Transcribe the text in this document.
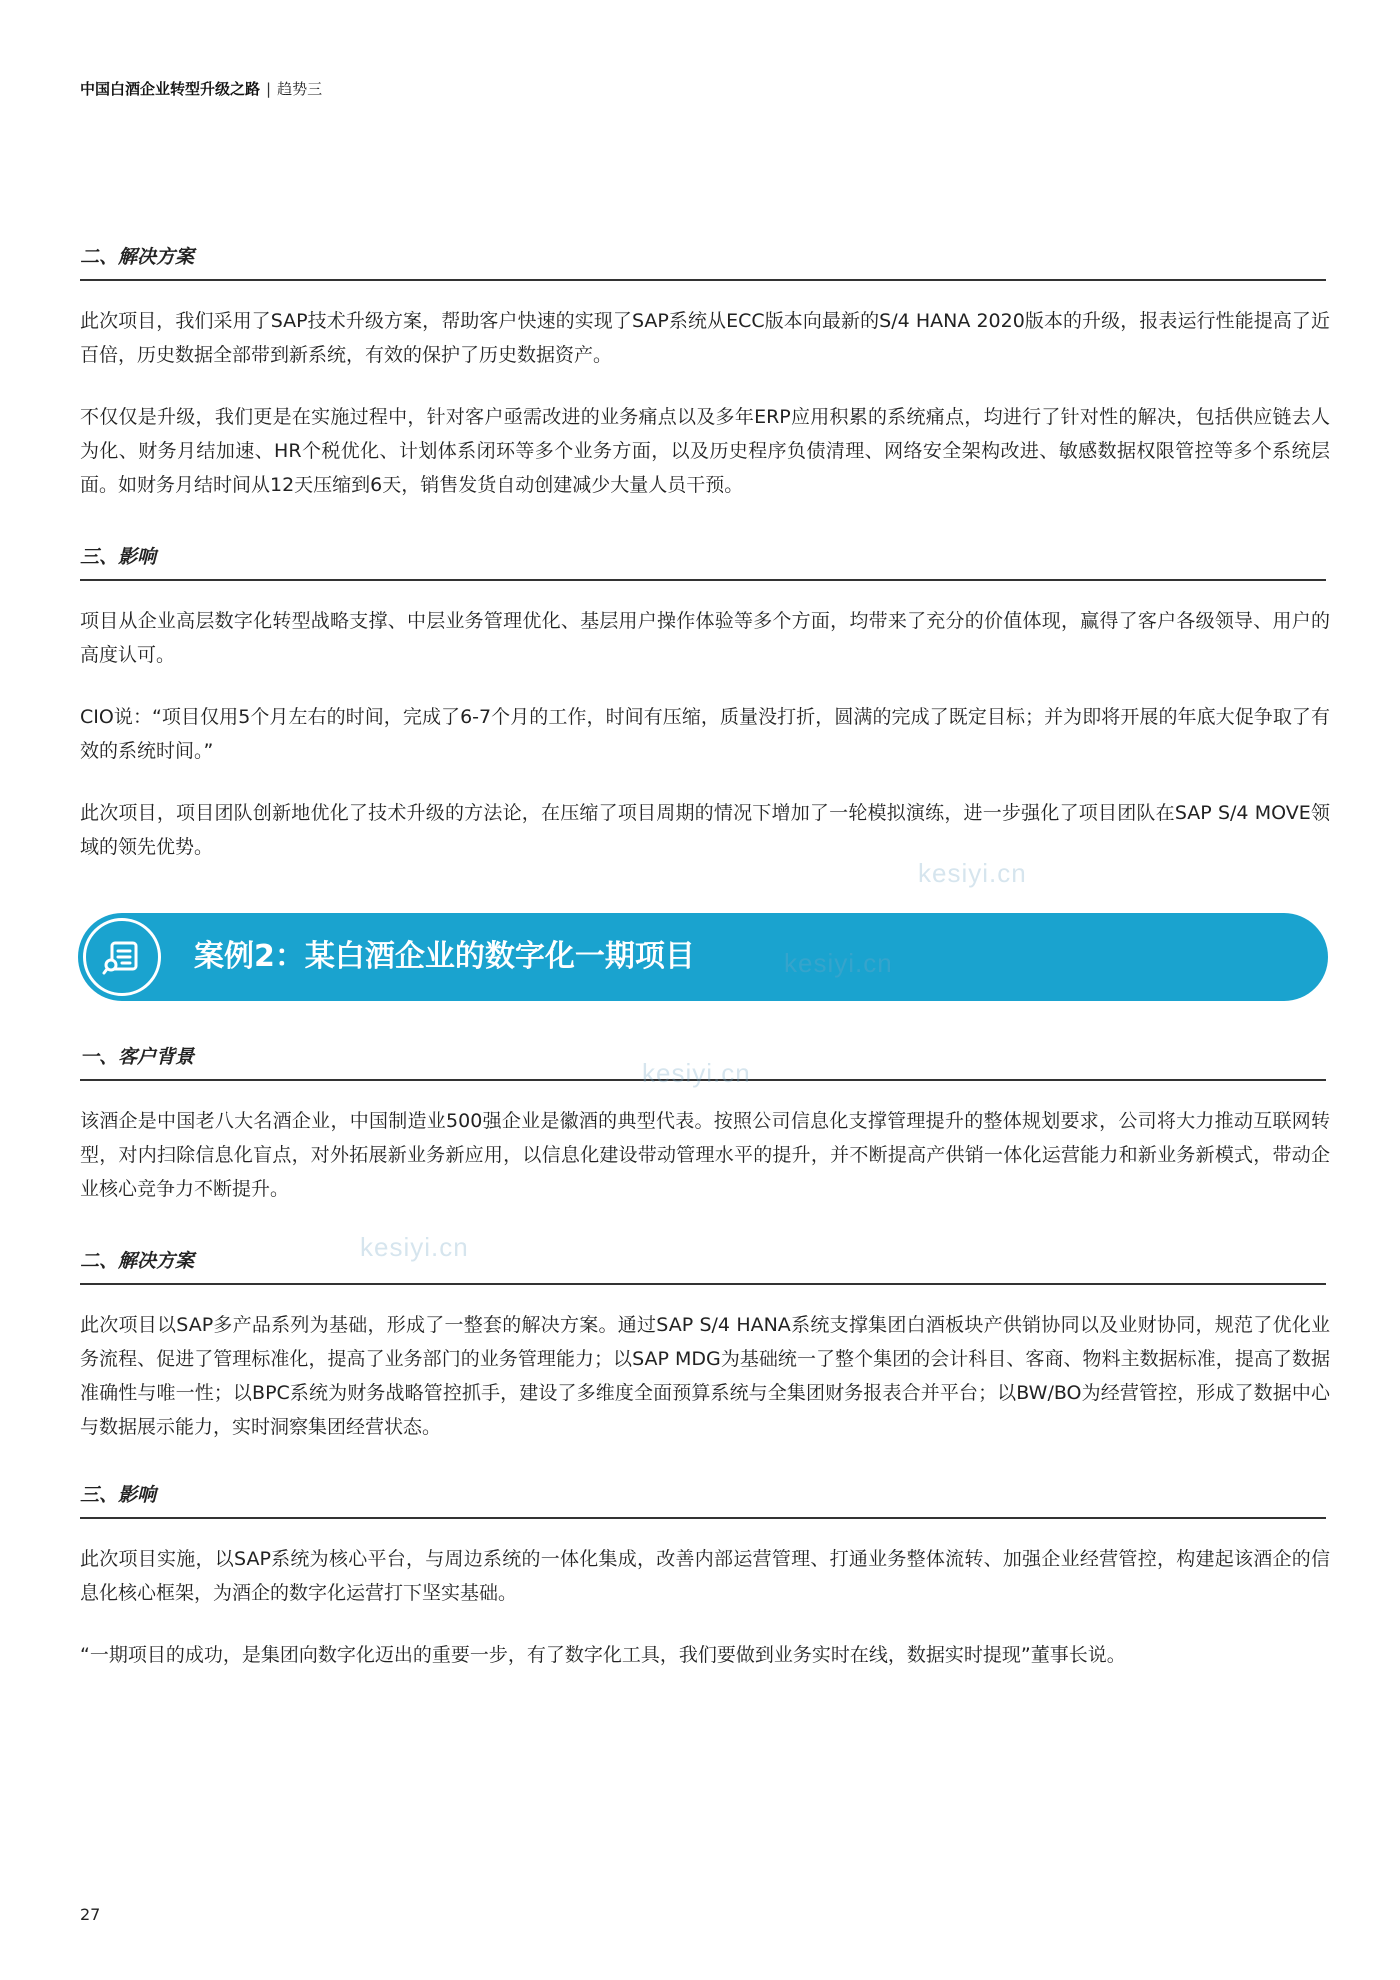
中国白酒企业转型升级之路 | 趋势三
二、解决方案

此次项目，我们采用了SAP技术升级方案，帮助客户快速的实现了SAP系统从ECC版本向最新的S/4 HANA 2020版本的升级，报表运行性能提高了近百倍，历史数据全部带到新系统，有效的保护了历史数据资产。

不仅仅是升级，我们更是在实施过程中，针对客户亟需改进的业务痛点以及多年ERP应用积累的系统痛点，均进行了针对性的解决，包括供应链去人为化、财务月结加速、HR个税优化、计划体系闭环等多个业务方面，以及历史程序负债清理、网络安全架构改进、敏感数据权限管控等多个系统层面。如财务月结时间从12天压缩到6天，销售发货自动创建减少大量人员干预。

三、影响

项目从企业高层数字化转型战略支撑、中层业务管理优化、基层用户操作体验等多个方面，均带来了充分的价值体现，赢得了客户各级领导、用户的高度认可。

CIO说：“项目仅用5个月左右的时间，完成了6-7个月的工作，时间有压缩，质量没打折，圆满的完成了既定目标；并为即将开展的年底大促争取了有效的系统时间。”

此次项目，项目团队创新地优化了技术升级的方法论，在压缩了项目周期的情况下增加了一轮模拟演练，进一步强化了项目团队在SAP S/4 MOVE领域的领先优势。

案例2：某白酒企业的数字化一期项目
一、客户背景

该酒企是中国老八大名酒企业，中国制造业500强企业是徽酒的典型代表。按照公司信息化支撑管理提升的整体规划要求，公司将大力推动互联网转型，对内扫除信息化盲点，对外拓展新业务新应用，以信息化建设带动管理水平的提升，并不断提高产供销一体化运营能力和新业务新模式，带动企业核心竞争力不断提升。

二、解决方案

此次项目以SAP多产品系列为基础，形成了一整套的解决方案。通过SAP S/4 HANA系统支撑集团白酒板块产供销协同以及业财协同，规范了优化业务流程、促进了管理标准化，提高了业务部门的业务管理能力；以SAP MDG为基础统一了整个集团的会计科目、客商、物料主数据标准，提高了数据准确性与唯一性；以BPC系统为财务战略管控抓手，建设了多维度全面预算系统与全集团财务报表合并平台；以BW/BO为经营管控，形成了数据中心与数据展示能力，实时洞察集团经营状态。

三、影响

此次项目实施，以SAP系统为核心平台，与周边系统的一体化集成，改善内部运营管理、打通业务整体流转、加强企业经营管控，构建起该酒企的信息化核心框架，为酒企的数字化运营打下坚实基础。

“一期项目的成功，是集团向数字化迈出的重要一步，有了数字化工具，我们要做到业务实时在线，数据实时提现”董事长说。

kesiyi.cn
kesiyi.cn
kesiyi.cn
kesiyi.cn
27
